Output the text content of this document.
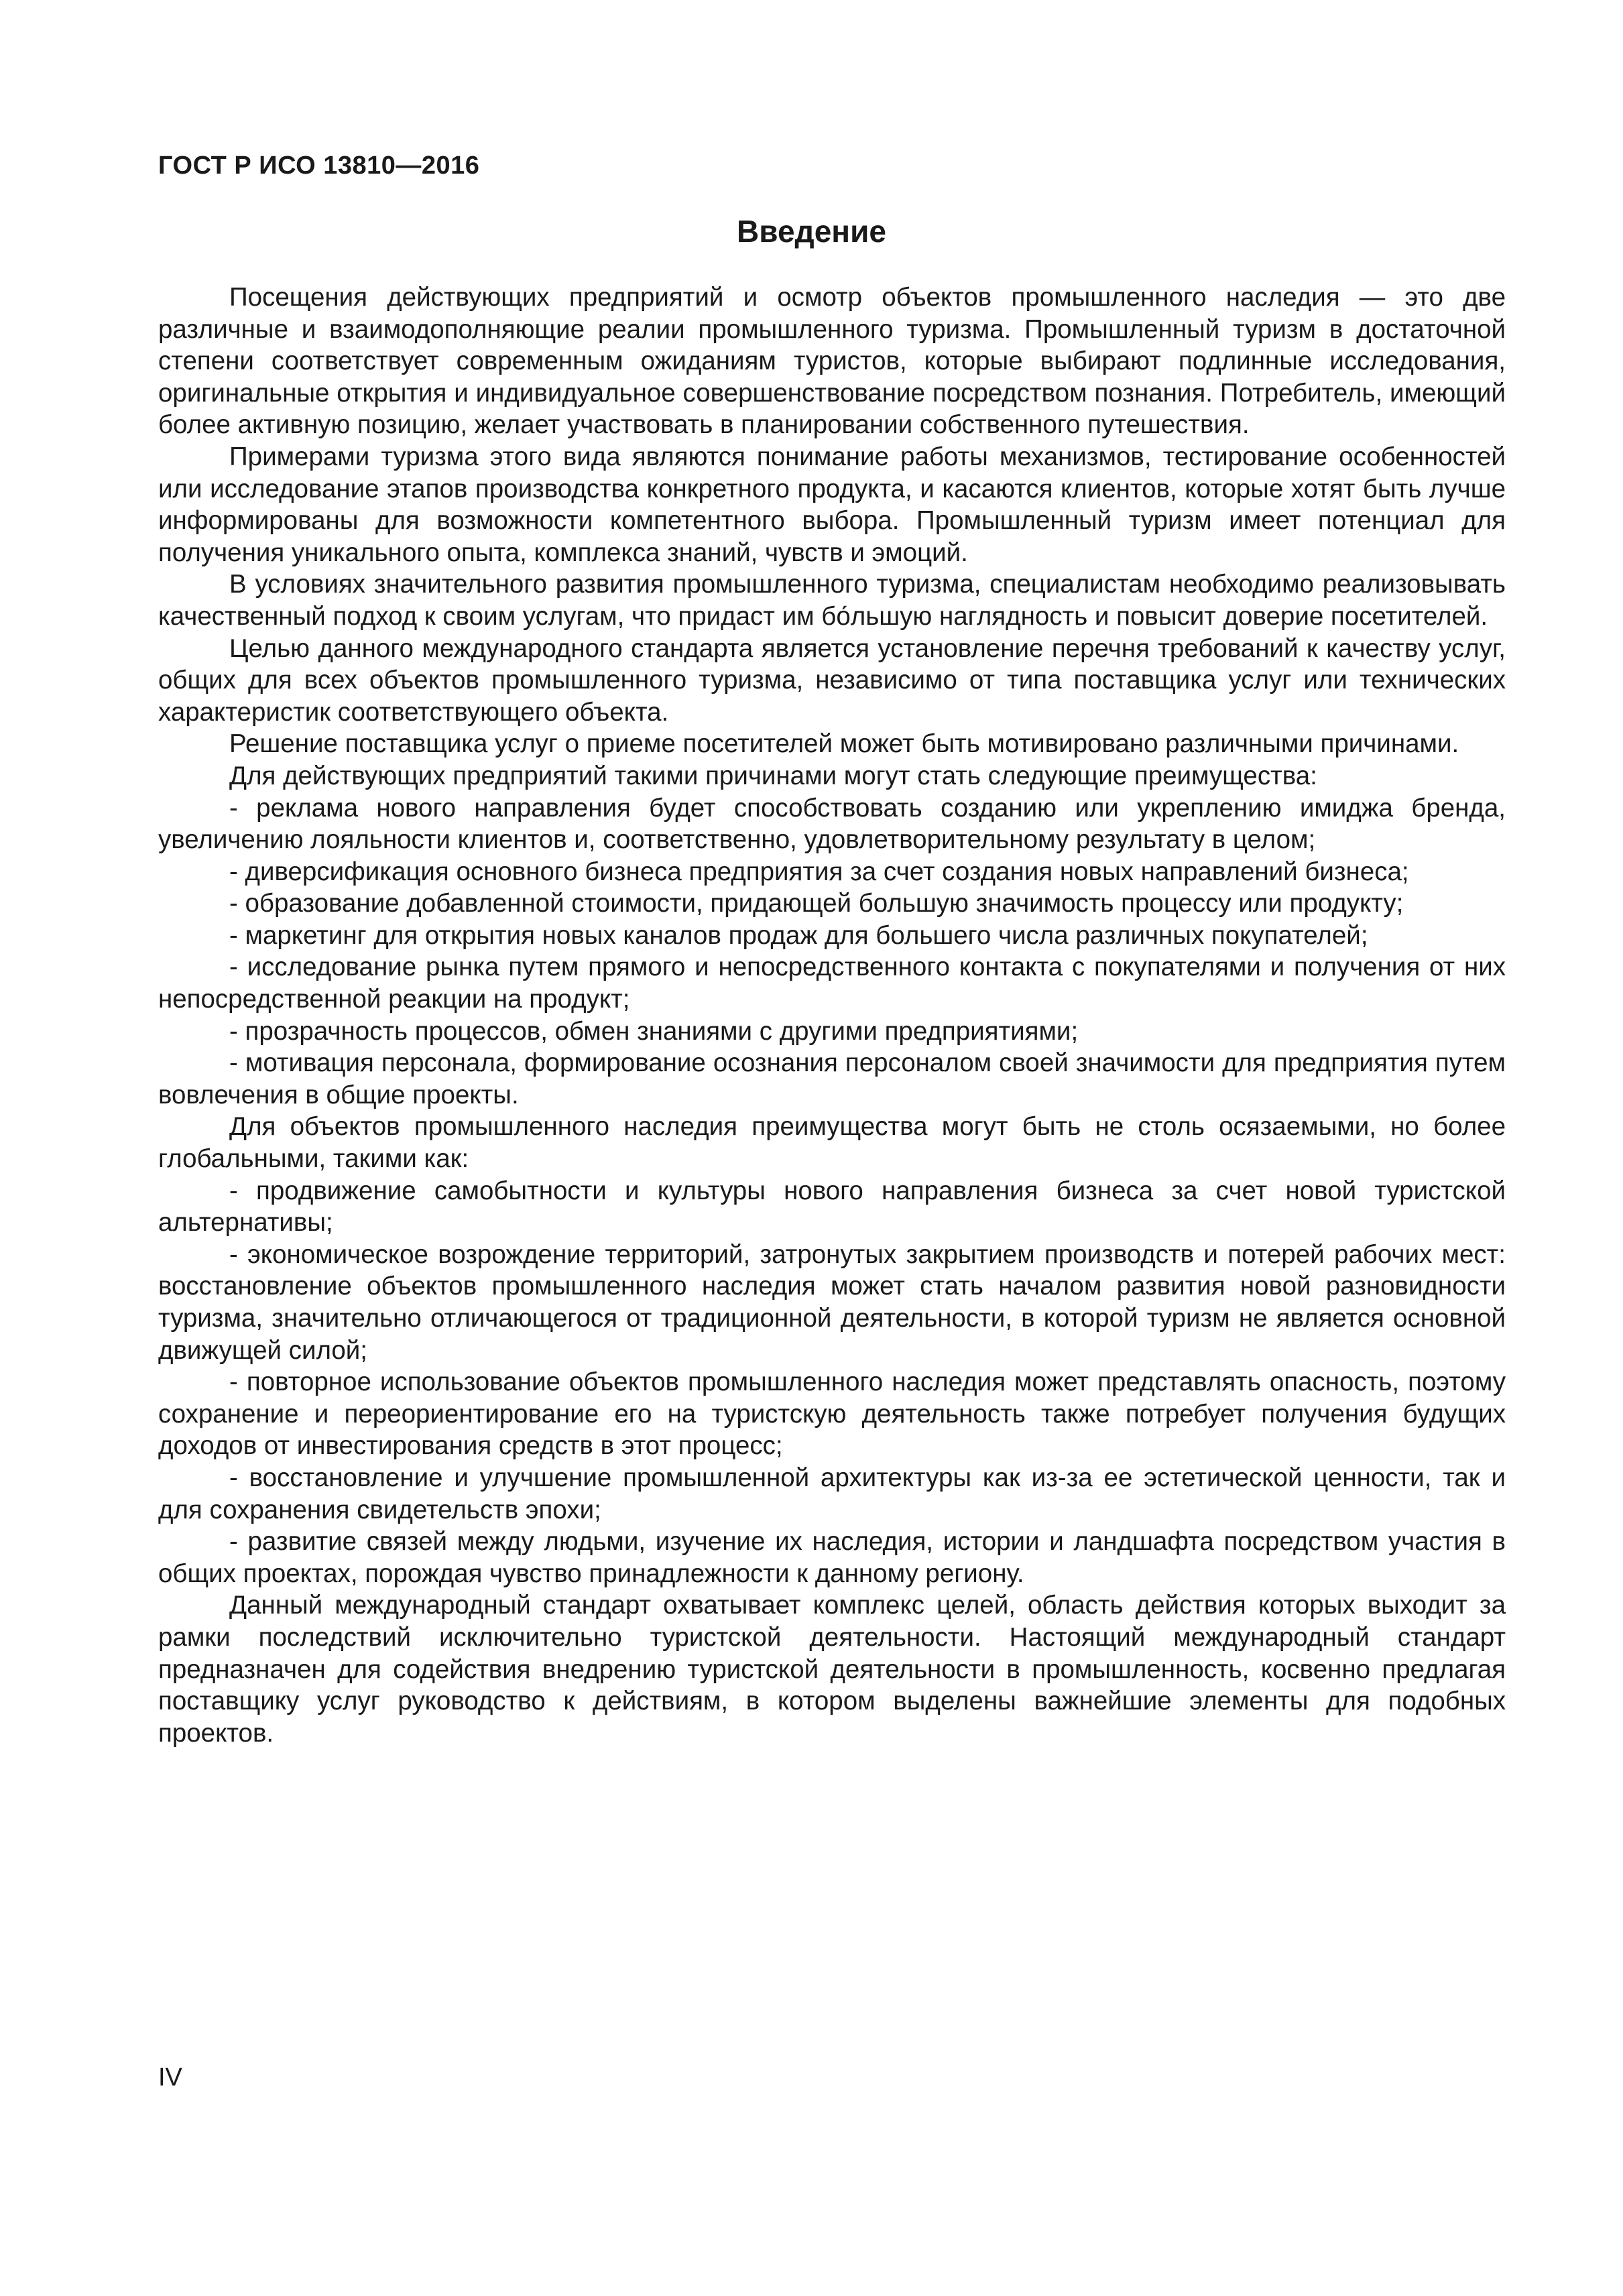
ГОСТ Р ИСО 13810—2016
Введение

Посещения действующих предприятий и осмотр объектов промышленного наследия — это две различные и взаимодополняющие реалии промышленного туризма. Промышленный туризм в достаточной степени соответствует современным ожиданиям туристов, которые выбирают подлинные исследования, оригинальные открытия и индивидуальное совершенствование посредством познания. Потребитель, имеющий более активную позицию, желает участвовать в планировании собственного путешествия.

Примерами туризма этого вида являются понимание работы механизмов, тестирование особенностей или исследование этапов производства конкретного продукта, и касаются клиентов, которые хотят быть лучше информированы для возможности компетентного выбора. Промышленный туризм имеет потенциал для получения уникального опыта, комплекса знаний, чувств и эмоций.

В условиях значительного развития промышленного туризма, специалистам необходимо реализовывать качественный подход к своим услугам, что придаст им бо́льшую наглядность и повысит доверие посетителей.

Целью данного международного стандарта является установление перечня требований к качеству услуг, общих для всех объектов промышленного туризма, независимо от типа поставщика услуг или технических характеристик соответствующего объекта.

Решение поставщика услуг о приеме посетителей может быть мотивировано различными причинами.

Для действующих предприятий такими причинами могут стать следующие преимущества:

- реклама нового направления будет способствовать созданию или укреплению имиджа бренда, увеличению лояльности клиентов и, соответственно, удовлетворительному результату в целом;

- диверсификация основного бизнеса предприятия за счет создания новых направлений бизнеса;

- образование добавленной стоимости, придающей большую значимость процессу или продукту;

- маркетинг для открытия новых каналов продаж для большего числа различных покупателей;

- исследование рынка путем прямого и непосредственного контакта с покупателями и получения от них непосредственной реакции на продукт;

- прозрачность процессов, обмен знаниями с другими предприятиями;

- мотивация персонала, формирование осознания персоналом своей значимости для предприятия путем вовлечения в общие проекты.

Для объектов промышленного наследия преимущества могут быть не столь осязаемыми, но более глобальными, такими как:

- продвижение самобытности и культуры нового направления бизнеса за счет новой туристской альтернативы;

- экономическое возрождение территорий, затронутых закрытием производств и потерей рабочих мест: восстановление объектов промышленного наследия может стать началом развития новой разновидности туризма, значительно отличающегося от традиционной деятельности, в которой туризм не является основной движущей силой;

- повторное использование объектов промышленного наследия может представлять опасность, поэтому сохранение и переориентирование его на туристскую деятельность также потребует получения будущих доходов от инвестирования средств в этот процесс;

- восстановление и улучшение промышленной архитектуры как из-за ее эстетической ценности, так и для сохранения свидетельств эпохи;

- развитие связей между людьми, изучение их наследия, истории и ландшафта посредством участия в общих проектах, порождая чувство принадлежности к данному региону.

Данный международный стандарт охватывает комплекс целей, область действия которых выходит за рамки последствий исключительно туристской деятельности. Настоящий международный стандарт предназначен для содействия внедрению туристской деятельности в промышленность, косвенно предлагая поставщику услуг руководство к действиям, в котором выделены важнейшие элементы для подобных проектов.

IV
